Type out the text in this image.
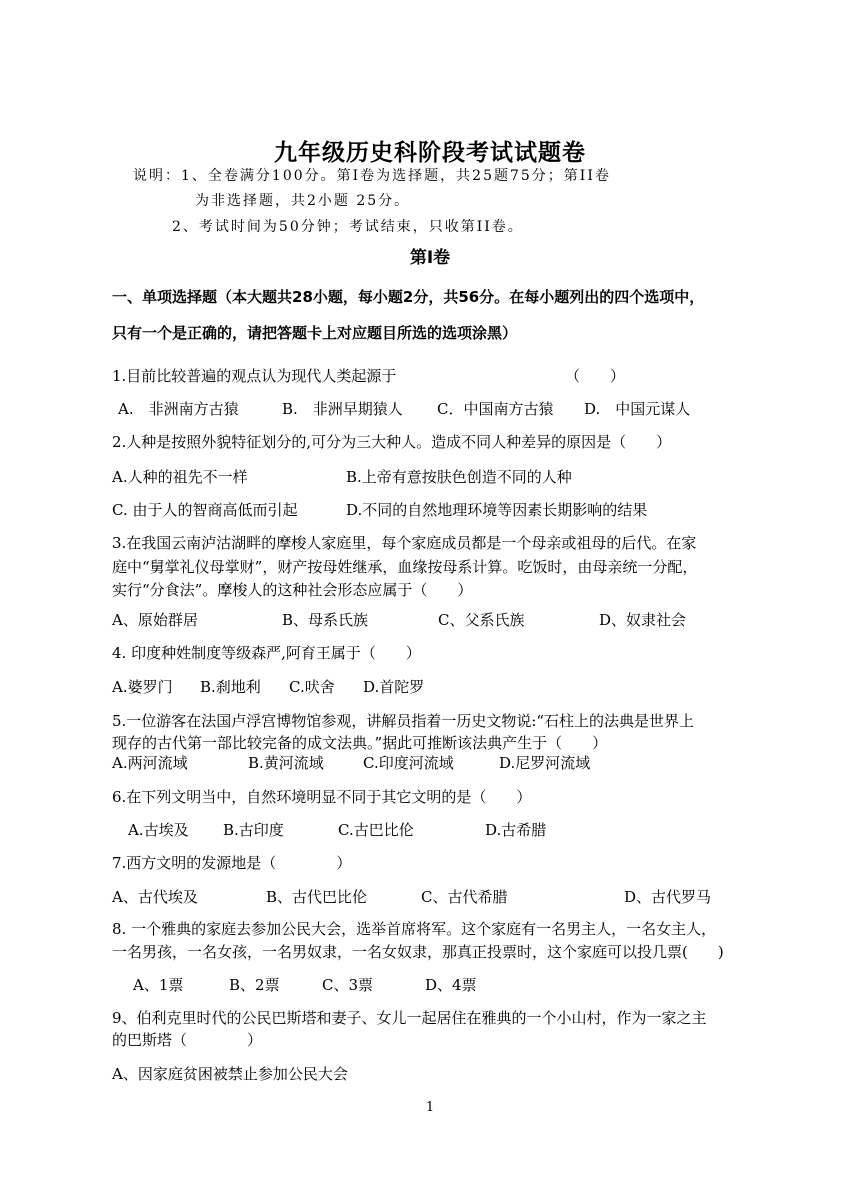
九年级历史科阶段考试试题卷
说明：1、全卷满分100分。第Ⅰ卷为选择题，共25题75分；第II卷
为非选择题，共2小题 25分。
2、考试时间为50分钟；考试结束，只收第II卷。
第Ⅰ卷
一、单项选择题（本大题共28小题，每小题2分，共56分。在每小题列出的四个选项中，
只有一个是正确的，请把答题卡上对应题目所选的选项涂黑）
1.目前比较普遍的观点认为现代人类起源于	（　　）
A.　非洲南方古猿	B.　非洲早期猿人 C．中国南方古猿 D.　中国元谋人
2.人种是按照外貌特征划分的,可分为三大种人。造成不同人种差异的原因是（　　）
A.人种的祖先不一样	B.上帝有意按肤色创造不同的人种
C. 由于人的智商高低而引起	D.不同的自然地理环境等因素长期影响的结果
3.在我国云南泸沽湖畔的摩梭人家庭里，每个家庭成员都是一个母亲或祖母的后代。在家
庭中“舅掌礼仪母掌财”，财产按母姓继承，血缘按母系计算。吃饭时，由母亲统一分配，
实行“分食法”。摩梭人的这种社会形态应属于（　　）
A、原始群居	B、母系氏族	C、父系氏族	D、奴隶社会
4. 印度种姓制度等级森严,阿育王属于（　　）
A.婆罗门 B.刹地利 C.吠舍 D.首陀罗
5.一位游客在法国卢浮宫博物馆参观，讲解员指着一历史文物说:“石柱上的法典是世界上
现存的古代第一部比较完备的成文法典。”据此可推断该法典产生于（　　）
A.两河流域	B.黄河流域	C.印度河流域	D.尼罗河流域
6.在下列文明当中，自然环境明显不同于其它文明的是（　　）
A.古埃及 B.古印度	C.古巴比伦	D.古希腊
7.西方文明的发源地是（　　　　）
A、古代埃及	B、古代巴比伦	C、古代希腊	D、古代罗马
8. 一个雅典的家庭去参加公民大会，选举首席将军。这个家庭有一名男主人，一名女主人，
一名男孩，一名女孩，一名男奴隶，一名女奴隶，那真正投票时，这个家庭可以投几票(　　)
A、1票	B、2票	C、3票	D、4票
9、伯利克里时代的公民巴斯塔和妻子、女儿一起居住在雅典的一个小山村，作为一家之主
的巴斯塔（　　　　）
A、因家庭贫困被禁止参加公民大会
1
